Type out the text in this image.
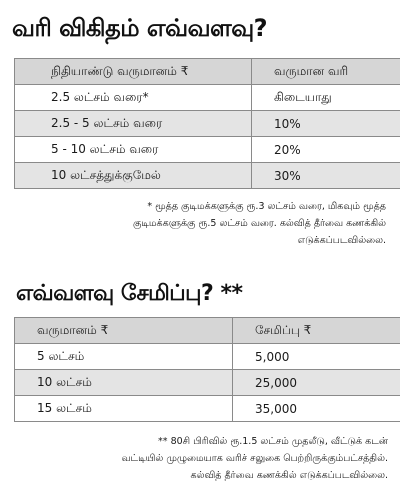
வரி விகிதம் எவ்வளவு?
நிதியாண்டு வருமானம் ₹	வருமான வரி
2.5 லட்சம் வரை*	கிடையாது
2.5 - 5 லட்சம் வரை	10%
5 - 10 லட்சம் வரை	20%
10 லட்சத்துக்குமேல்	30%

* மூத்த குடிமக்களுக்கு ரூ.3 லட்சம் வரை, மிகவும் மூத்த
குடிமக்களுக்கு ரூ.5 லட்சம் வரை. கல்வித் தீர்வை கணக்கில்
எடுக்கப்படவில்லை.

எவ்வளவு சேமிப்பு? **
வருமானம் ₹	சேமிப்பு ₹
5 லட்சம்	5,000
10 லட்சம்	25,000
15 லட்சம்	35,000

** 80சி பிரிவில் ரூ.1.5 லட்சம் முதலீடு, வீட்டுக் கடன்
வட்டியில் முழுமையாக வரிச் சலுகை பெற்றிருக்கும்பட்சத்தில்.
கல்வித் தீர்வை கணக்கில் எடுக்கப்படவில்லை.
